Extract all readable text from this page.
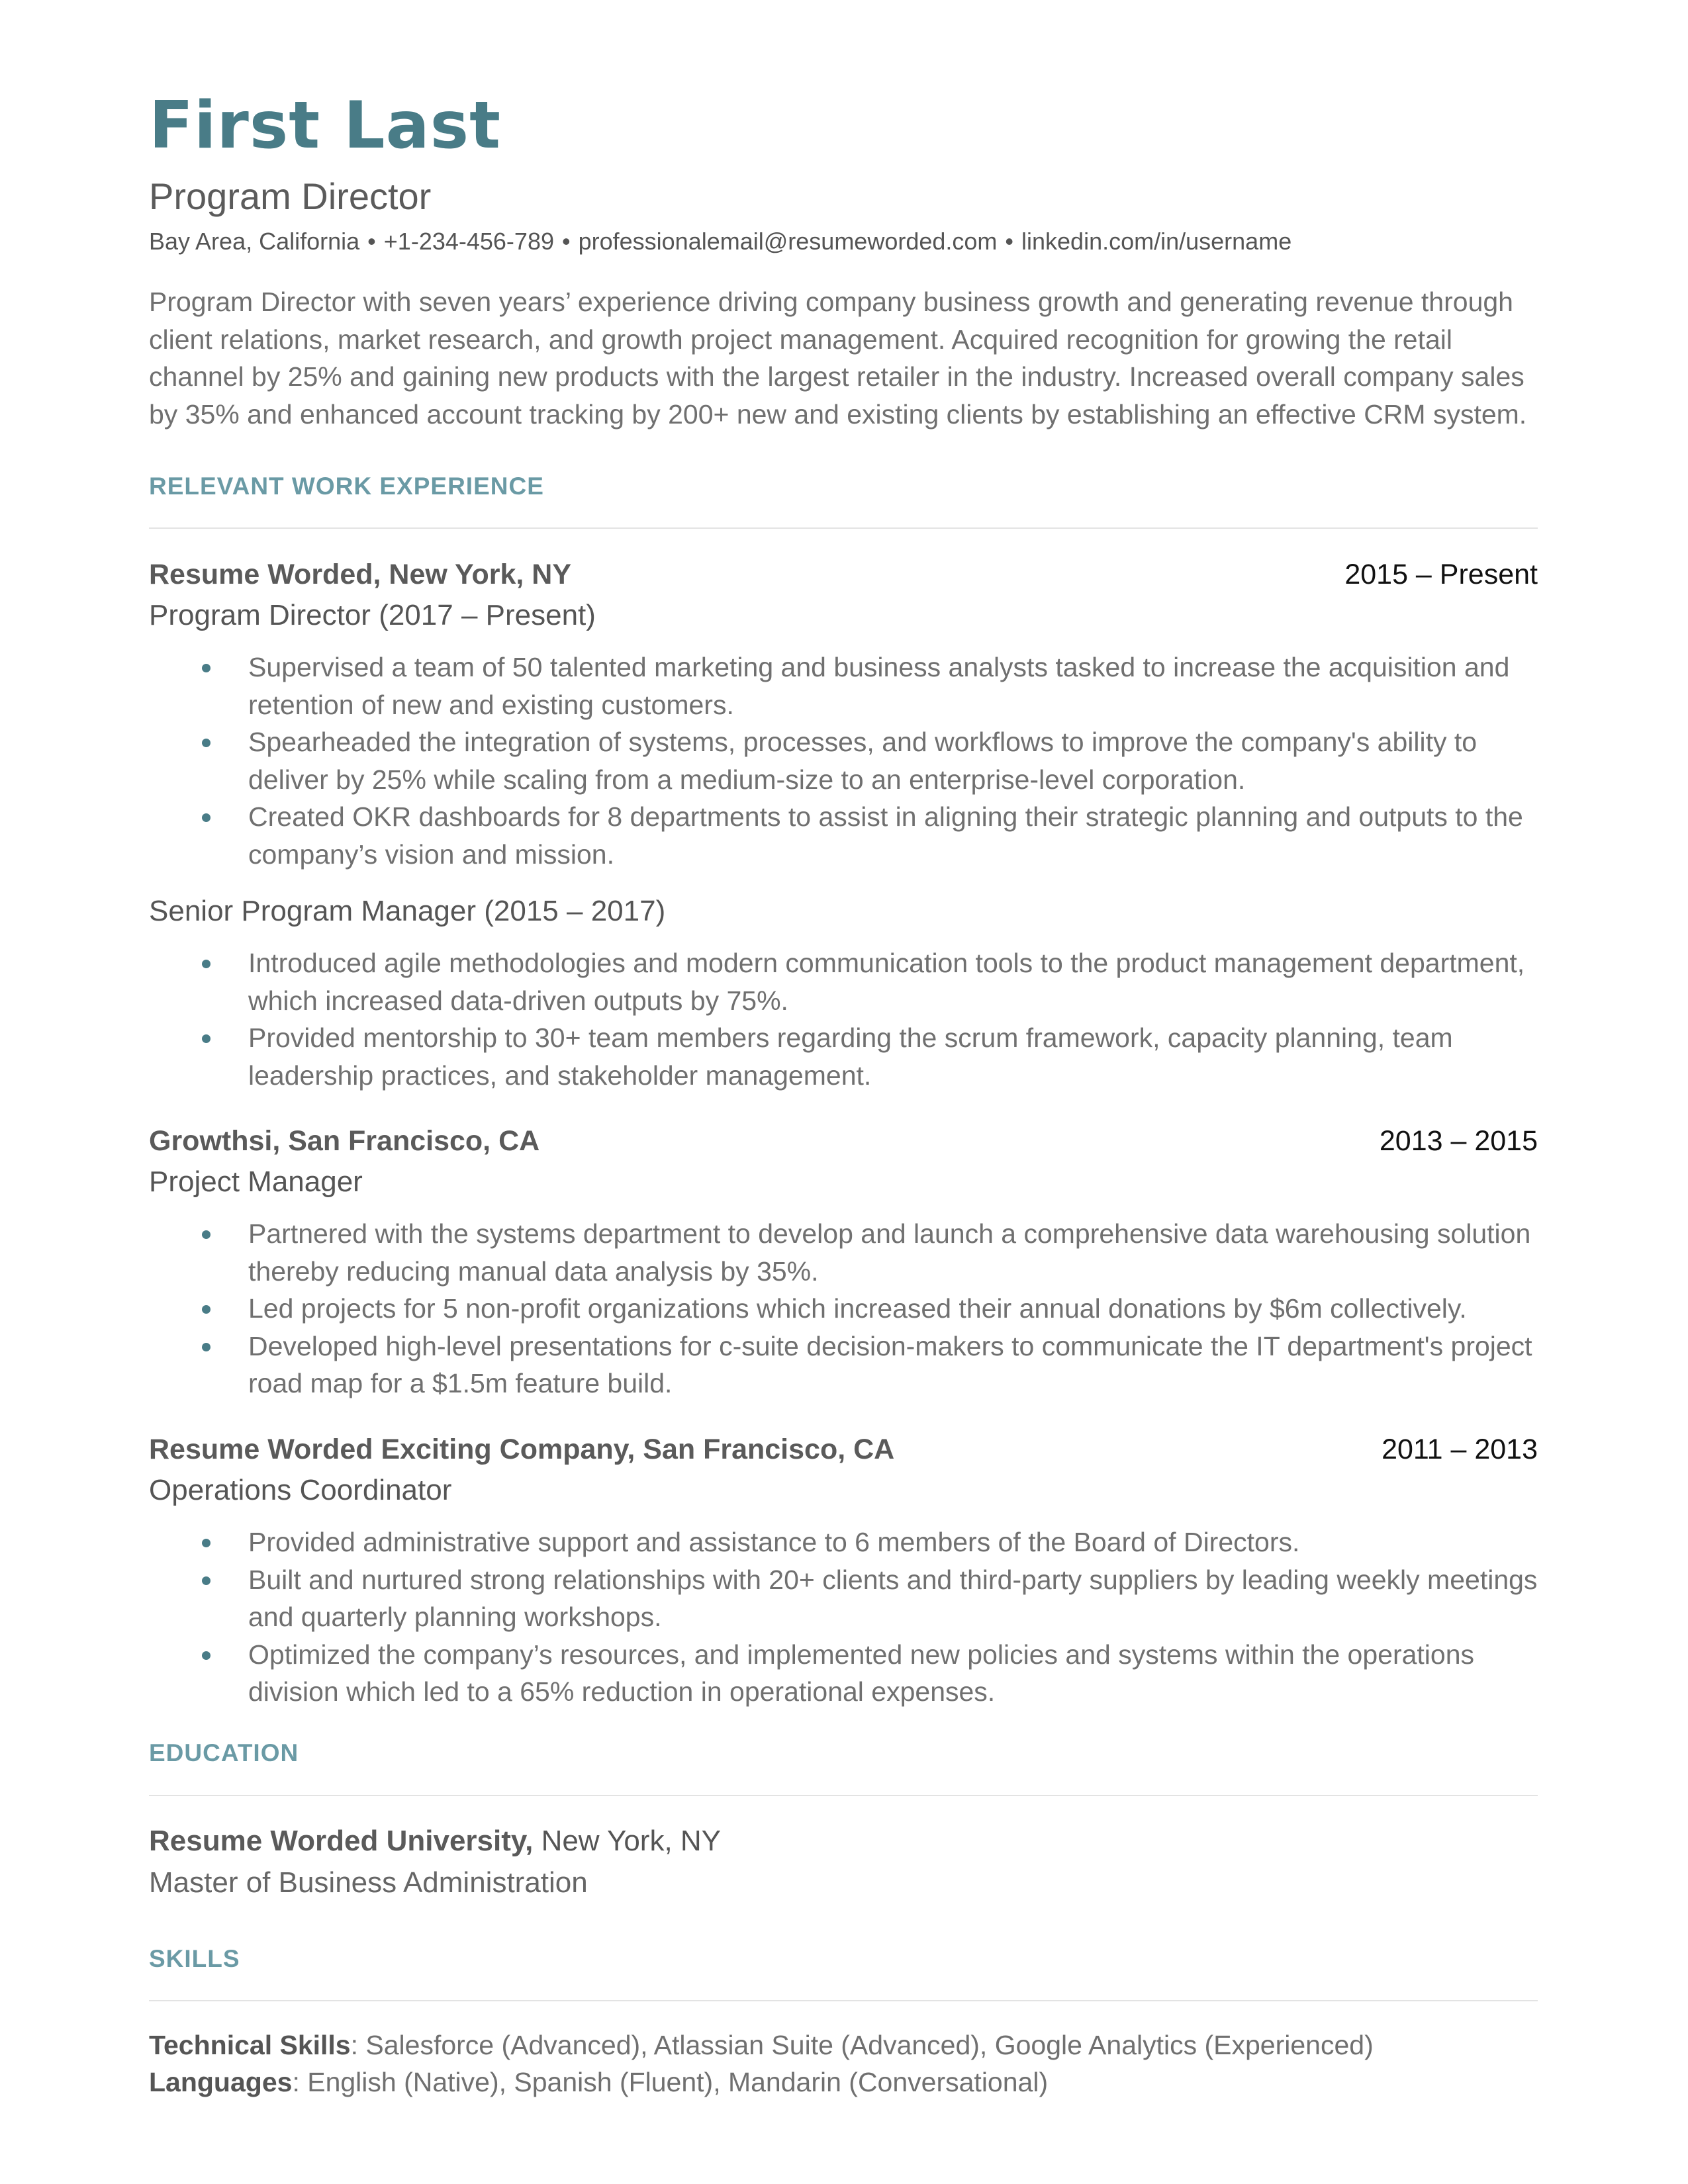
First Last
Program Director
Bay Area, California • +1-234-456-789 • professionalemail@resumeworded.com • linkedin.com/in/username
Program Director with seven years’ experience driving company business growth and generating revenue through client relations, market research, and growth project management. Acquired recognition for growing the retail channel by 25% and gaining new products with the largest retailer in the industry. Increased overall company sales by 35% and enhanced account tracking by 200+ new and existing clients by establishing an effective CRM system.
RELEVANT WORK EXPERIENCE
Resume Worded, New York, NY	2015 – Present
Program Director (2017 – Present)
Supervised a team of 50 talented marketing and business analysts tasked to increase the acquisition and retention of new and existing customers.
Spearheaded the integration of systems, processes, and workflows to improve the company's ability to deliver by 25% while scaling from a medium-size to an enterprise-level corporation.
Created OKR dashboards for 8 departments to assist in aligning their strategic planning and outputs to the company’s vision and mission.
Senior Program Manager (2015 – 2017)
Introduced agile methodologies and modern communication tools to the product management department, which increased data-driven outputs by 75%.
Provided mentorship to 30+ team members regarding the scrum framework, capacity planning, team leadership practices, and stakeholder management.
Growthsi, San Francisco, CA	2013 – 2015
Project Manager
Partnered with the systems department to develop and launch a comprehensive data warehousing solution thereby reducing manual data analysis by 35%.
Led projects for 5 non-profit organizations which increased their annual donations by $6m collectively.
Developed high-level presentations for c-suite decision-makers to communicate the IT department's project road map for a $1.5m feature build.
Resume Worded Exciting Company, San Francisco, CA	2011 – 2013
Operations Coordinator
Provided administrative support and assistance to 6 members of the Board of Directors.
Built and nurtured strong relationships with 20+ clients and third-party suppliers by leading weekly meetings and quarterly planning workshops.
Optimized the company’s resources, and implemented new policies and systems within the operations division which led to a 65% reduction in operational expenses.
EDUCATION
Resume Worded University, New York, NY
Master of Business Administration
SKILLS
Technical Skills: Salesforce (Advanced), Atlassian Suite (Advanced), Google Analytics (Experienced)
Languages: English (Native), Spanish (Fluent), Mandarin (Conversational)
